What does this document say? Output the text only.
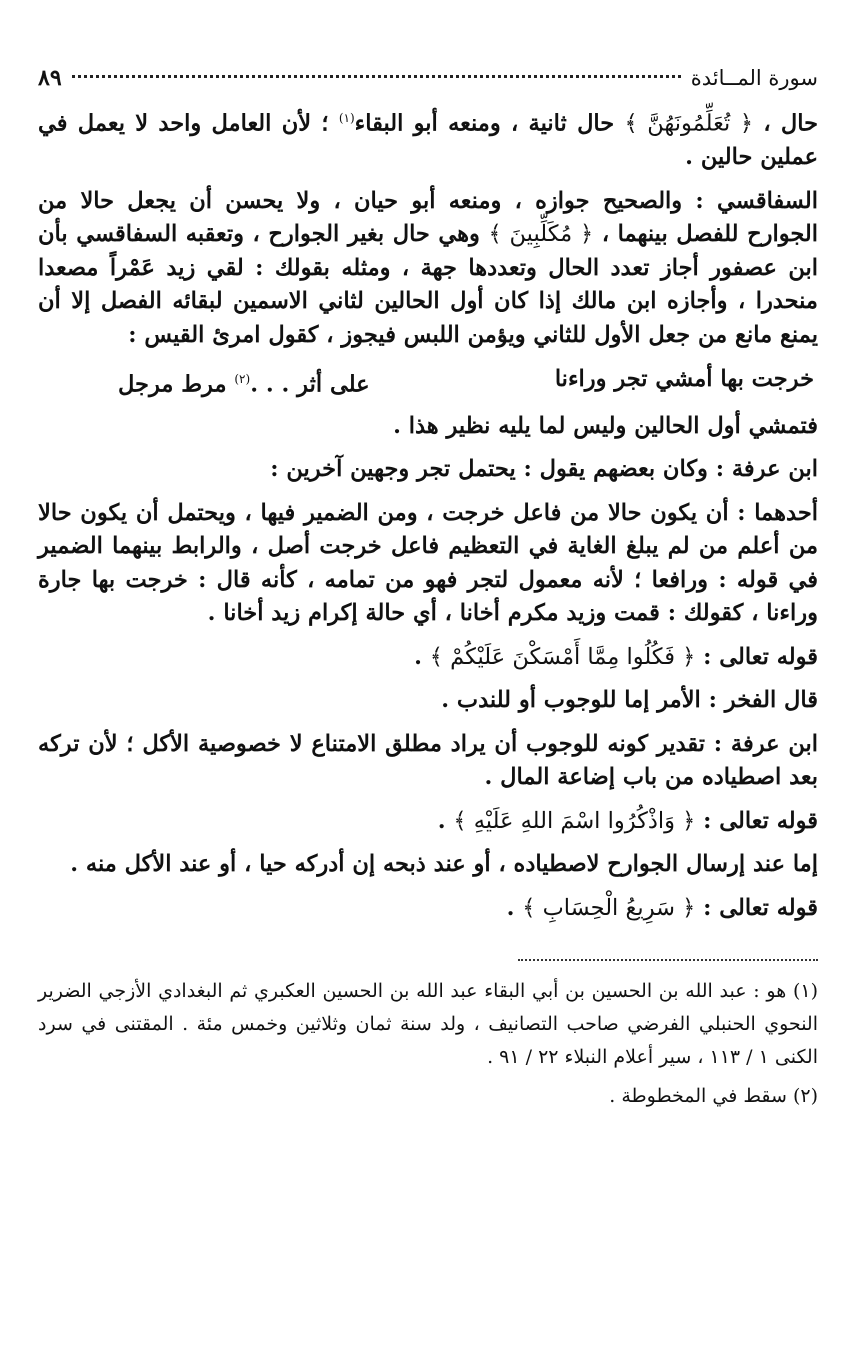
سورة المــائدة
٨٩

حال ، ﴿ تُعَلِّمُونَهُنَّ ﴾ حال ثانية ، ومنعه أبو البقاء$^{(١)}$ ؛ لأن العامل واحد لا يعمل في عملين حالين .

السفاقسي : والصحيح جوازه ، ومنعه أبو حيان ، ولا يحسن أن يجعل حالا من الجوارح للفصل بينهما ، ﴿ مُكَلِّبِينَ ﴾ وهي حال بغير الجوارح ، وتعقبه السفاقسي بأن ابن عصفور أجاز تعدد الحال وتعددها جهة ، ومثله بقولك : لقي زيد عَمْراً مصعدا منحدرا ، وأجازه ابن مالك إذا كان أول الحالين لثاني الاسمين لبقائه الفصل إلا أن يمنع مانع من جعل الأول للثاني ويؤمن اللبس فيجوز ، كقول امرئ القيس :

خرجت بها أمشي تجر وراءنا
على أثر . . .$^{(٢)}$ مرط مرجل

فتمشي أول الحالين وليس لما يليه نظير هذا .

ابن عرفة : وكان بعضهم يقول : يحتمل تجر وجهين آخرين :

أحدهما : أن يكون حالا من فاعل خرجت ، ومن الضمير فيها ، ويحتمل أن يكون حالا من أعلم من لم يبلغ الغاية في التعظيم فاعل خرجت أصل ، والرابط بينهما الضمير في قوله : ورافعا ؛ لأنه معمول لتجر فهو من تمامه ، كأنه قال : خرجت بها جارة وراءنا ، كقولك : قمت وزيد مكرم أخانا ، أي حالة إكرام زيد أخانا .

قوله تعالى : ﴿ فَكُلُوا مِمَّا أَمْسَكْنَ عَلَيْكُمْ ﴾ .

قال الفخر : الأمر إما للوجوب أو للندب .

ابن عرفة : تقدير كونه للوجوب أن يراد مطلق الامتناع لا خصوصية الأكل ؛ لأن تركه بعد اصطياده من باب إضاعة المال .

قوله تعالى : ﴿ وَاذْكُرُوا اسْمَ اللهِ عَلَيْهِ ﴾ .

إما عند إرسال الجوارح لاصطياده ، أو عند ذبحه إن أدركه حيا ، أو عند الأكل منه .

قوله تعالى : ﴿ سَرِيعُ الْحِسَابِ ﴾ .

(١) هو : عبد الله بن الحسين بن أبي البقاء عبد الله بن الحسين العكبري ثم البغدادي الأزجي الضرير النحوي الحنبلي الفرضي صاحب التصانيف ، ولد سنة ثمان وثلاثين وخمس مئة . المقتنى في سرد الكنى ١ / ١١٣ ، سير أعلام النبلاء ٢٢ / ٩١ .

(٢) سقط في المخطوطة .
